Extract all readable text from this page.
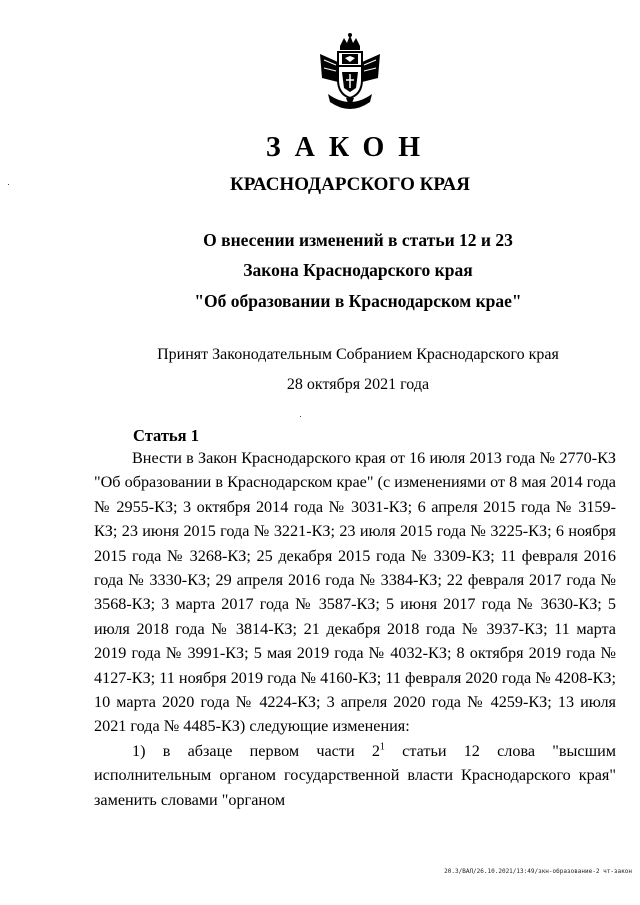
ЗАКОН
КРАСНОДАРСКОГО КРАЯ
О внесении изменений в статьи 12 и 23
Закона Краснодарского края
"Об образовании в Краснодарском крае"
Принят Законодательным Собранием Краснодарского края
28 октября 2021 года
Статья 1

Внести в Закон Краснодарского края от 16 июля 2013 года № 2770-КЗ "Об образовании в Краснодарском крае" (с изменениями от 8 мая 2014 года № 2955-КЗ; 3 октября 2014 года № 3031-КЗ; 6 апреля 2015 года № 3159-КЗ; 23 июня 2015 года № 3221-КЗ; 23 июля 2015 года № 3225-КЗ; 6 ноября 2015 года № 3268-КЗ; 25 декабря 2015 года № 3309-КЗ; 11 февраля 2016 года № 3330-КЗ; 29 апреля 2016 года № 3384-КЗ; 22 февраля 2017 года № 3568-КЗ; 3 марта 2017 года № 3587-КЗ; 5 июня 2017 года № 3630-КЗ; 5 июля 2018 года № 3814-КЗ; 21 декабря 2018 года № 3937-КЗ; 11 марта 2019 года № 3991-КЗ; 5 мая 2019 года № 4032-КЗ; 8 октября 2019 года № 4127-КЗ; 11 ноября 2019 года № 4160-КЗ; 11 февраля 2020 года № 4208-КЗ; 10 марта 2020 года № 4224-КЗ; 3 апреля 2020 года № 4259-КЗ; 13 июля 2021 года № 4485-КЗ) следующие изменения:

1) в абзаце первом части $2^1$ статьи 12 слова "высшим исполнительным органом государственной власти Краснодарского края" заменить словами "органом

20.3/ВАЛ/26.10.2021/13:49/зкн-образование-2 чт-закон
